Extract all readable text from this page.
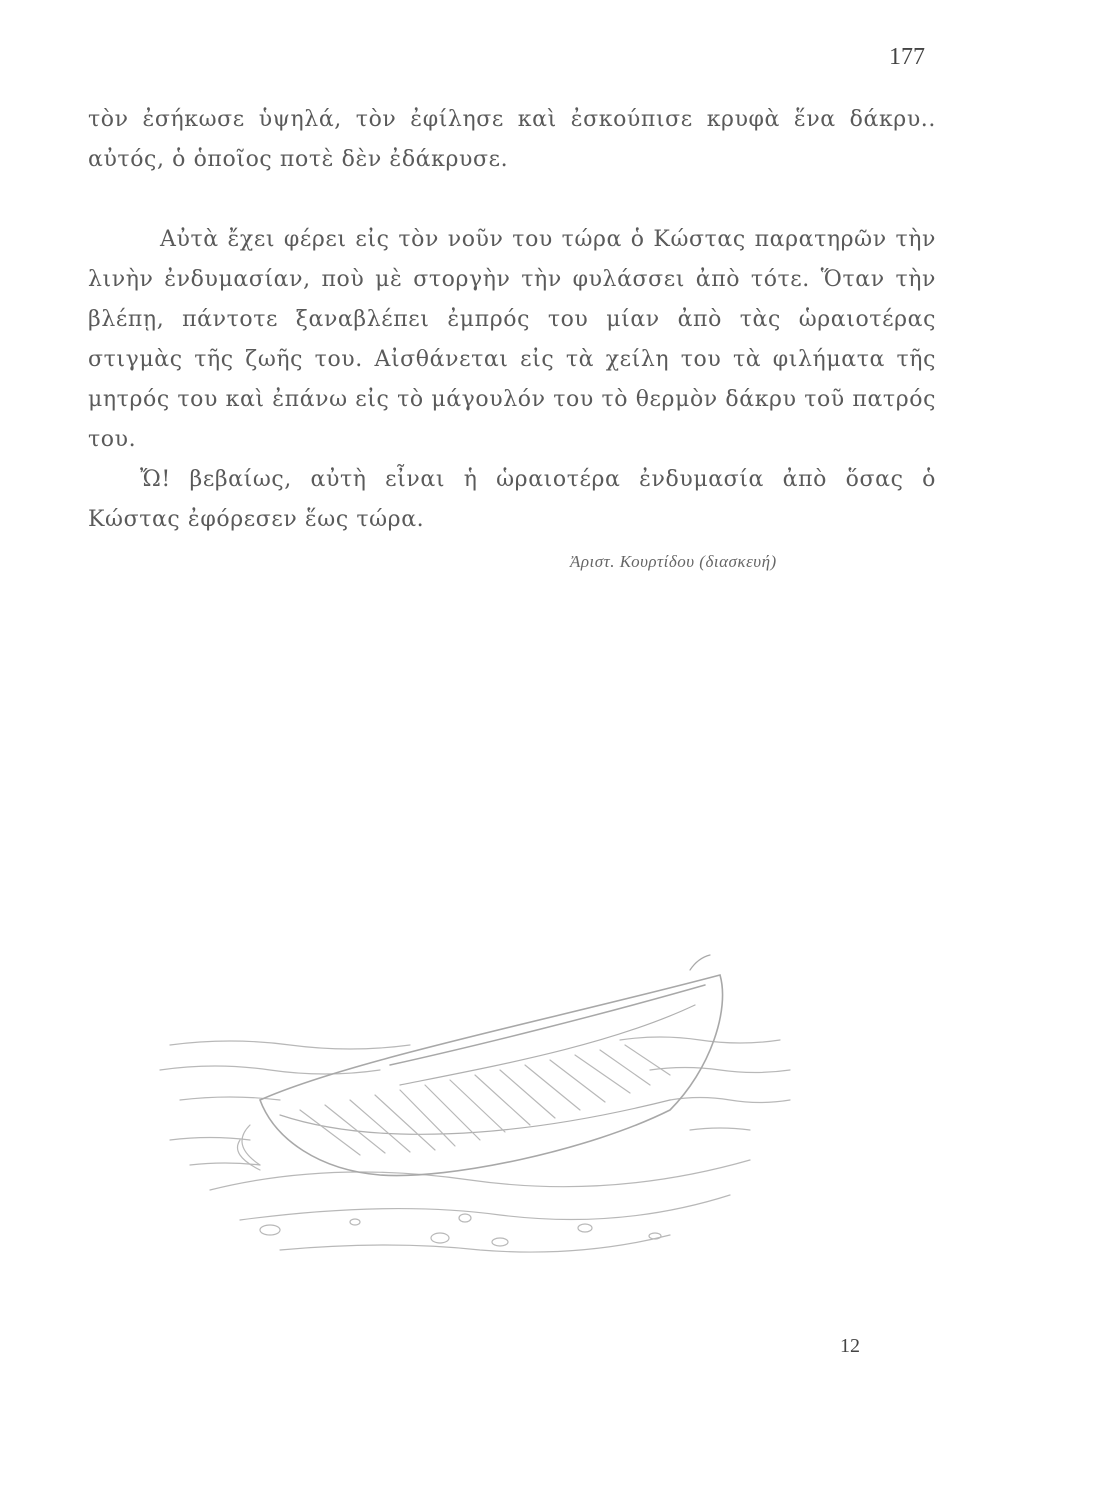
177

τὸν ἐσήκωσε ὑψηλά, τὸν ἐφίλησε καὶ ἐσκούπισε κρυφὰ ἕνα δάκρυ.. αὐτός, ὁ ὁποῖος ποτὲ δὲν ἐδάκρυσε.

Αὐτὰ ἔχει φέρει εἰς τὸν νοῦν του τώρα ὁ Κώστας παρατηρῶν τὴν λινὴν ἐνδυμασίαν, ποὺ μὲ στοργὴν τὴν φυλάσσει ἀπὸ τότε. Ὅταν τὴν βλέπῃ, πάντοτε ξαναβλέπει ἐμπρός του μίαν ἀπὸ τὰς ὡραιοτέρας στιγμὰς τῆς ζωῆς του. Αἰσθάνεται εἰς τὰ χείλη του τὰ φιλήματα τῆς μητρός του καὶ ἐπάνω εἰς τὸ μάγουλόν του τὸ θερμὸν δάκρυ τοῦ πατρός του.

Ὤ! βεβαίως, αὐτὴ εἶναι ἡ ὡραιοτέρα ἐνδυμασία ἀπὸ ὅσας ὁ Κώστας ἐφόρεσεν ἕως τώρα.

Ἀριστ. Κουρτίδου (διασκευή)
12
